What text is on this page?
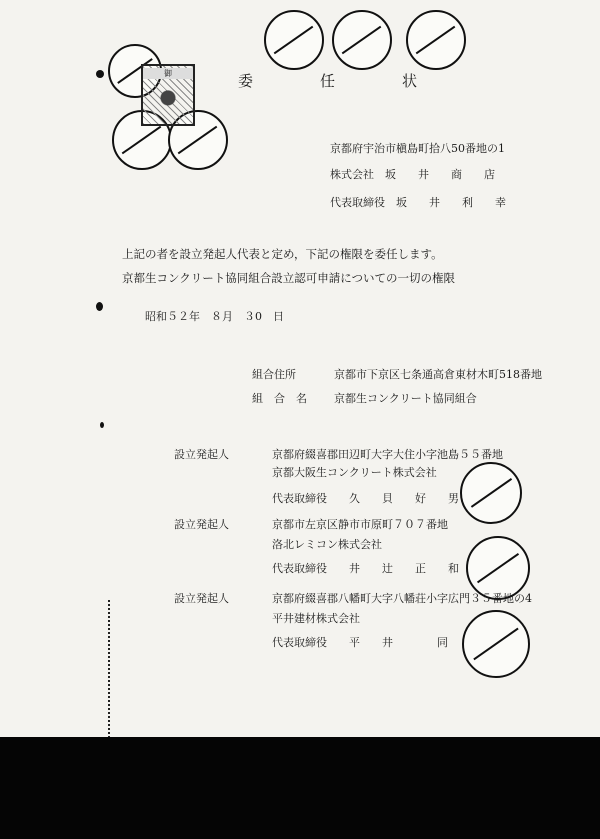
御	委　任　状
京都府宇治市槇島町拾八50番地の1
株式会社　坂　　井　　商　　店
代表取締役　坂　　井　　利　　幸
上記の者を設立発起人代表と定め，下記の権限を委任します。
京都生コンクリート協同組合設立認可申請についての一切の権限
昭和５２年　８月　３0　日
組合住所	京都市下京区七条通高倉東材木町518番地
組　合　名 京都生コンクリート協同組合
設立発起人	京都府綴喜郡田辺町大字大住小字池島５５番地
京都大阪生コンクリート株式会社
代表取締役　　久　　貝　　好　　男
設立発起人	京都市左京区静市市原町７０７番地
洛北レミコン株式会社
代表取締役　　井　　辻　　正　　和
設立発起人	京都府綴喜郡八幡町大字八幡荘小字広門３５番地の4
平井建材株式会社
代表取締役　　平　　井　　　　同
